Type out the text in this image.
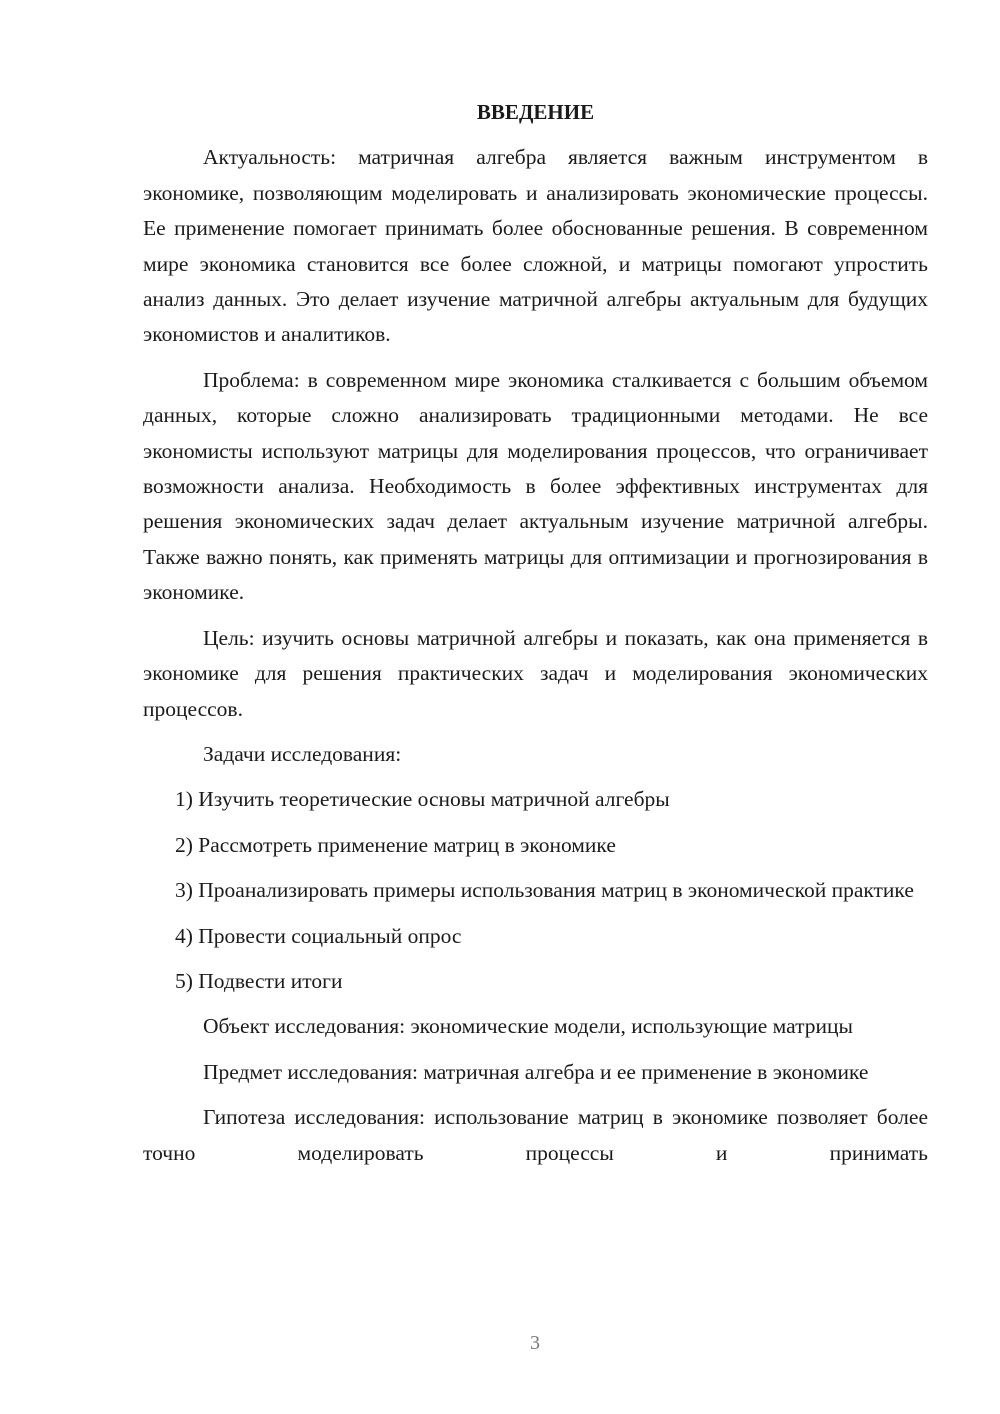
ВВЕДЕНИЕ

Актуальность: матричная алгебра является важным инструментом в экономике, позволяющим моделировать и анализировать экономические процессы. Ее применение помогает принимать более обоснованные решения. В современном мире экономика становится все более сложной, и матрицы помогают упростить анализ данных. Это делает изучение матричной алгебры актуальным для будущих экономистов и аналитиков.

Проблема: в современном мире экономика сталкивается с большим объемом данных, которые сложно анализировать традиционными методами. Не все экономисты используют матрицы для моделирования процессов, что ограничивает возможности анализа. Необходимость в более эффективных инструментах для решения экономических задач делает актуальным изучение матричной алгебры. Также важно понять, как применять матрицы для оптимизации и прогнозирования в экономике.

Цель: изучить основы матричной алгебры и показать, как она применяется в экономике для решения практических задач и моделирования экономических процессов.

Задачи исследования:

1) Изучить теоретические основы матричной алгебры

2) Рассмотреть применение матриц в экономике

3) Проанализировать примеры использования матриц в экономической практике

4) Провести социальный опрос

5) Подвести итоги

Объект исследования: экономические модели, использующие матрицы

Предмет исследования: матричная алгебра и ее применение в экономике

Гипотеза исследования: использование матриц в экономике позволяет более точно моделировать процессы и принимать

3
